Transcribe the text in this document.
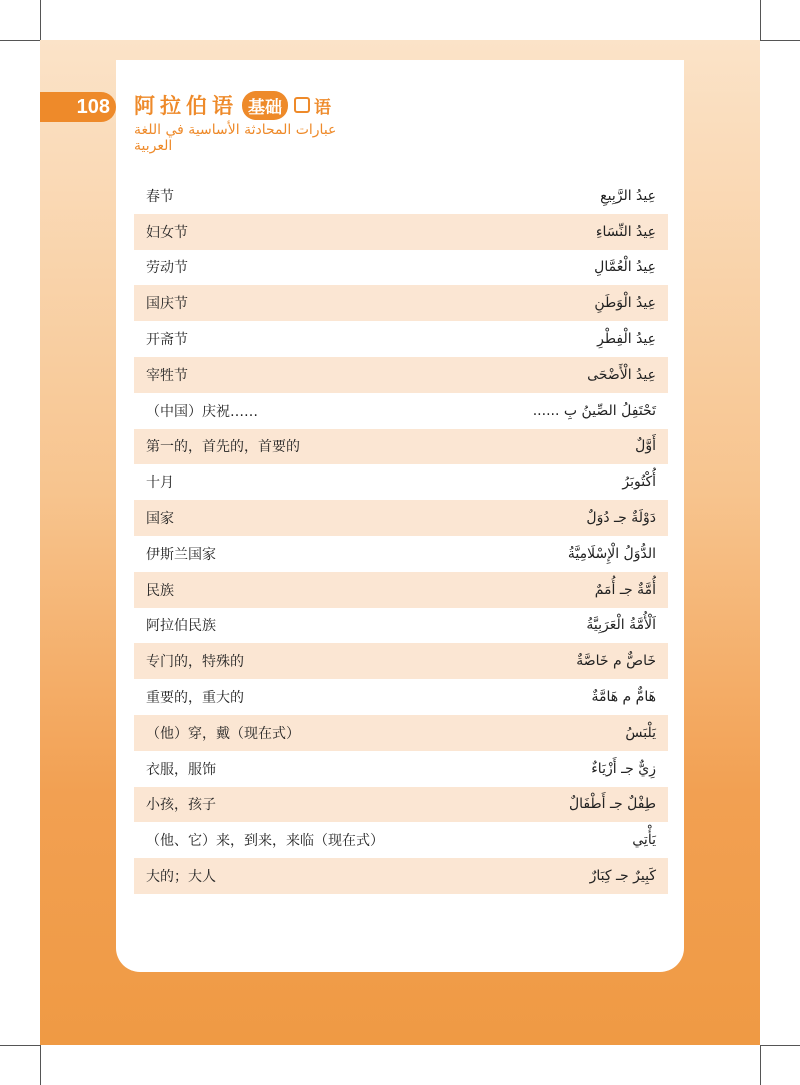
108 阿拉伯语 基础	语
عبارات المحادثة الأساسية في اللغة العربية
春节	عِيدُ الرَّبِيعِ
妇女节	عِيدُ النِّسَاءِ
劳动节	عِيدُ الْعُمَّالِ
国庆节	عِيدُ الْوَطَنِ
开斋节	عِيدُ الْفِطْرِ
宰牲节	عِيدُ الْأَضْحَى
（中国）庆祝……	تَحْتَفِلُ الصِّينُ بِ ......
第一的，首先的，首要的	أَوَّلٌ
十月	أُكْتُوبَرُ
国家	دَوْلَةٌ جـ دُوَلٌ
伊斯兰国家	الدُّوَلُ الْإِسْلَامِيَّةُ
民族	أُمَّةٌ جـ أُمَمٌ
阿拉伯民族	اَلْأُمَّةُ الْعَرَبِيَّةُ
专门的，特殊的	خَاصٌّ م خَاصَّةٌ
重要的，重大的	هَامٌّ م هَامَّةٌ
（他）穿，戴（现在式）	يَلْبَسُ
衣服，服饰	زِيٌّ جـ أَزْيَاءٌ
小孩，孩子	طِفْلٌ جـ أَطْفَالٌ
（他、它）来，到来，来临（现在式）	يَأْتِي
大的；大人	كَبِيرٌ جـ كِبَارٌ
